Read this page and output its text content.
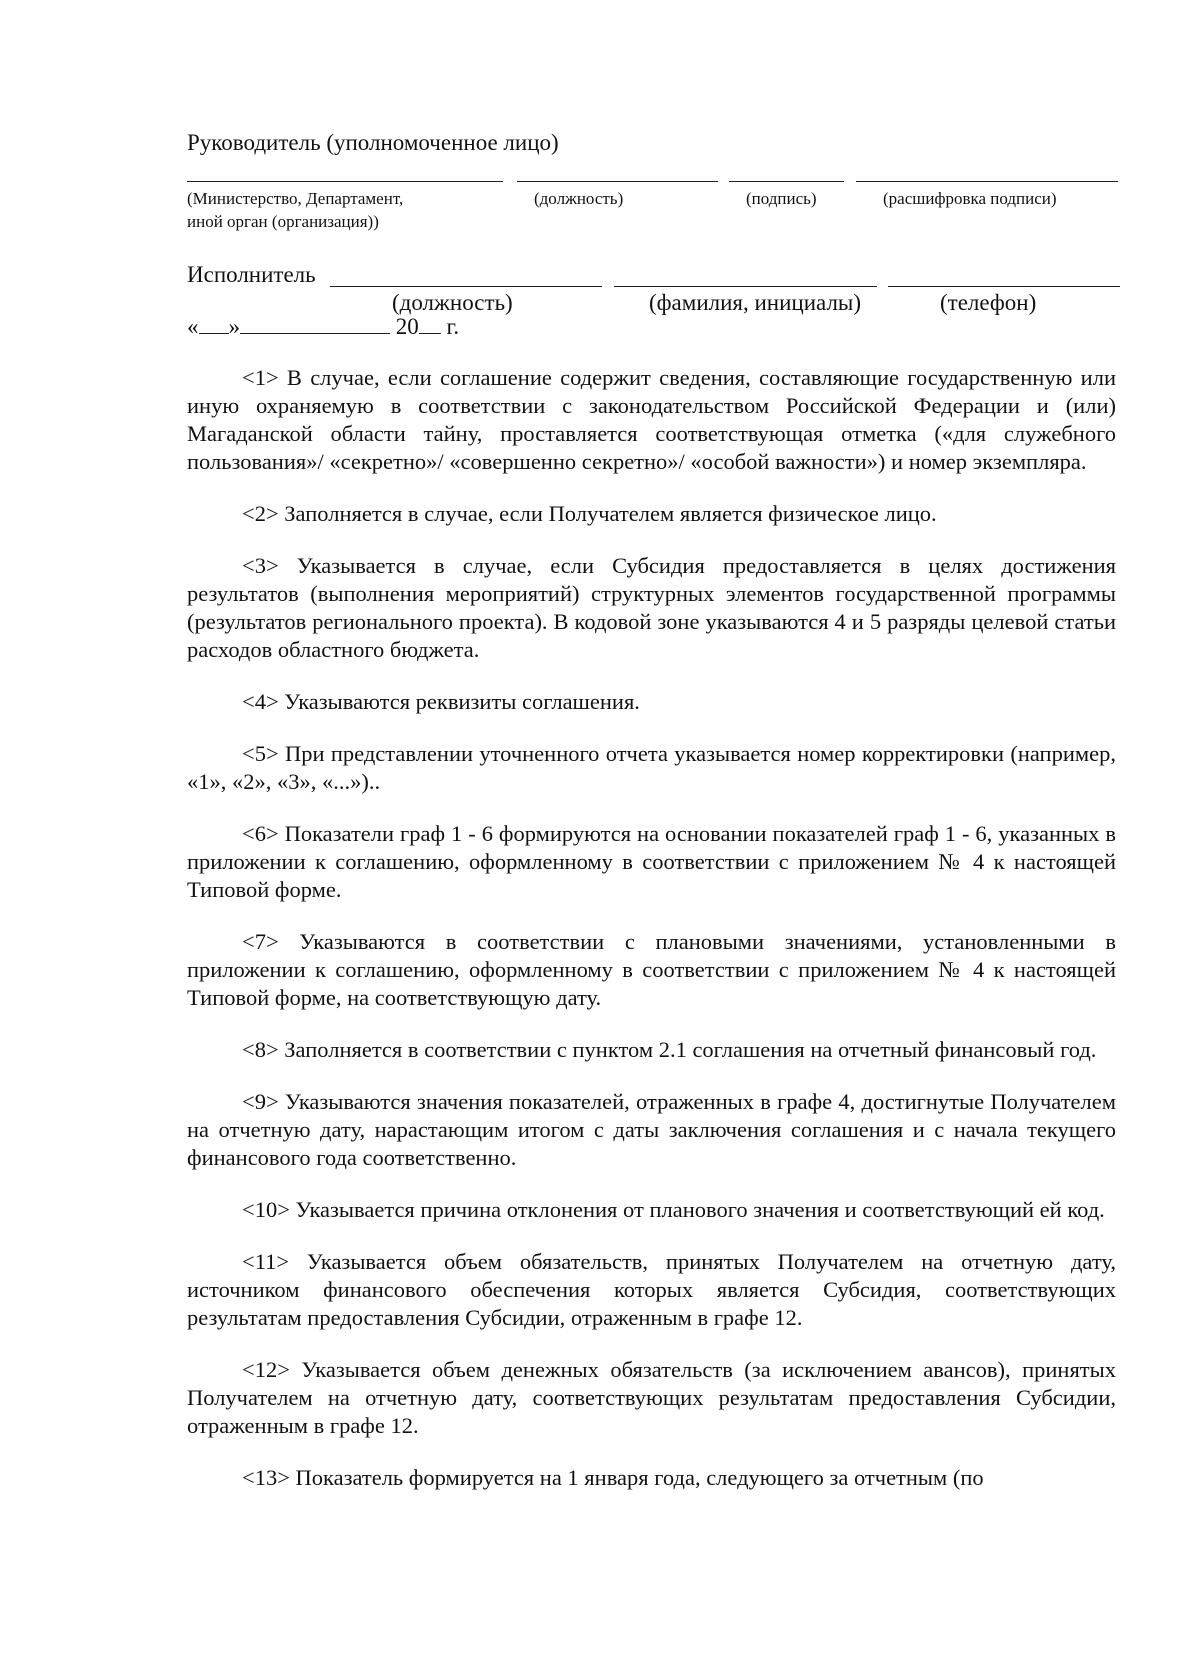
Руководитель (уполномоченное лицо)
(Министерство, Департамент,
иной орган (организация))
(должность)	(подпись)	(расшифровка подписи)
Исполнитель
(должность)	(фамилия, инициалы)	(телефон)
« »	20 г.

<1> В случае, если соглашение содержит сведения, составляющие государственную или иную охраняемую в соответствии с законодательством Российской Федерации и (или) Магаданской области тайну, проставляется соответствующая отметка («для служебного пользования»/ «секретно»/ «совершенно секретно»/ «особой важности») и номер экземпляра.

<2> Заполняется в случае, если Получателем является физическое лицо.

<3> Указывается в случае, если Субсидия предоставляется в целях достижения результатов (выполнения мероприятий) структурных элементов государственной программы (результатов регионального проекта). В кодовой зоне указываются 4 и 5 разряды целевой статьи расходов областного бюджета.

<4> Указываются реквизиты соглашения.

<5> При представлении уточненного отчета указывается номер корректировки (например, «1», «2», «3», «...»)..

<6> Показатели граф 1 - 6 формируются на основании показателей граф 1 - 6, указанных в приложении к соглашению, оформленному в соответствии с приложением № 4 к настоящей Типовой форме.

<7> Указываются в соответствии с плановыми значениями, установленными в приложении к соглашению, оформленному в соответствии с приложением № 4 к настоящей Типовой форме, на соответствующую дату.

<8> Заполняется в соответствии с пунктом 2.1 соглашения на отчетный финансовый год.

<9> Указываются значения показателей, отраженных в графе 4, достигнутые Получателем на отчетную дату, нарастающим итогом с даты заключения соглашения и с начала текущего финансового года соответственно.

<10> Указывается причина отклонения от планового значения и соответствующий ей код.

<11> Указывается объем обязательств, принятых Получателем на отчетную дату, источником финансового обеспечения которых является Субсидия, соответствующих результатам предоставления Субсидии, отраженным в графе 12.

<12> Указывается объем денежных обязательств (за исключением авансов), принятых Получателем на отчетную дату, соответствующих результатам предоставления Субсидии, отраженным в графе 12.

<13> Показатель формируется на 1 января года, следующего за отчетным (по
